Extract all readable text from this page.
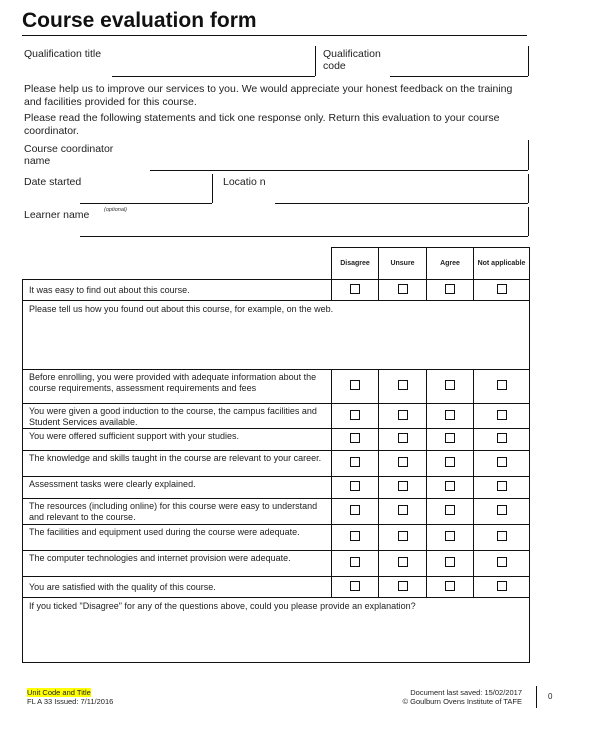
Course evaluation form
Qualification title	Qualification code
Please help us to improve our services to you. We would appreciate your honest feedback on the training and facilities provided for this course.
Please read the following statements and tick one response only. Return this evaluation to your course coordinator.
Course coordinator name
Date started	Locatio n
Learner name	(optional)
	Disagree	Unsure	Agree	Not applicable
It was easy to find out about this course.				
Please tell us how you found out about this course, for example, on the web.				
Before enrolling, you were provided with adequate information about the course requirements, assessment requirements and fees				
You were given a good induction to the course, the campus facilities and Student Services available.				
You were offered sufficient support with your studies.				
The knowledge and skills taught in the course are relevant to your career.				
Assessment tasks were clearly explained.				
The resources (including online) for this course were easy to understand and relevant to the course.				
The facilities and equipment used during the course were adequate.				
The computer technologies and internet provision were adequate.				
You are satisfied with the quality of this course.				
If you ticked "Disagree" for any of the questions above, could you please provide an explanation?				
Unit Code and Title
FL A 33 Issued: 7/11/2016
Document last saved: 15/02/2017
© Goulburn Ovens Institute of TAFE
0
